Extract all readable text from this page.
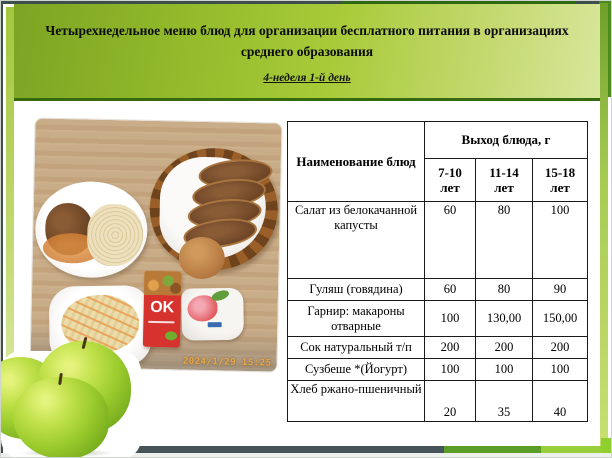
Четырехнедельное меню блюд для организации бесплатного питания в организациях среднего образования
4-неделя 1-й день
OK
2024/1/29 15:25
Наименование блюд	Выход блюда, г		
	7-10 лет	11-14 лет	15-18 лет
Салат из белокачанной капусты	60	80	100
Гуляш (говядина)	60	80	90
Гарнир: макароны отварные	100	130,00	150,00
Сок натуральный т/п	200	200	200
Сузбеше *(Йогурт)	100	100	100
Хлеб ржано-пшеничный	20	35	40
